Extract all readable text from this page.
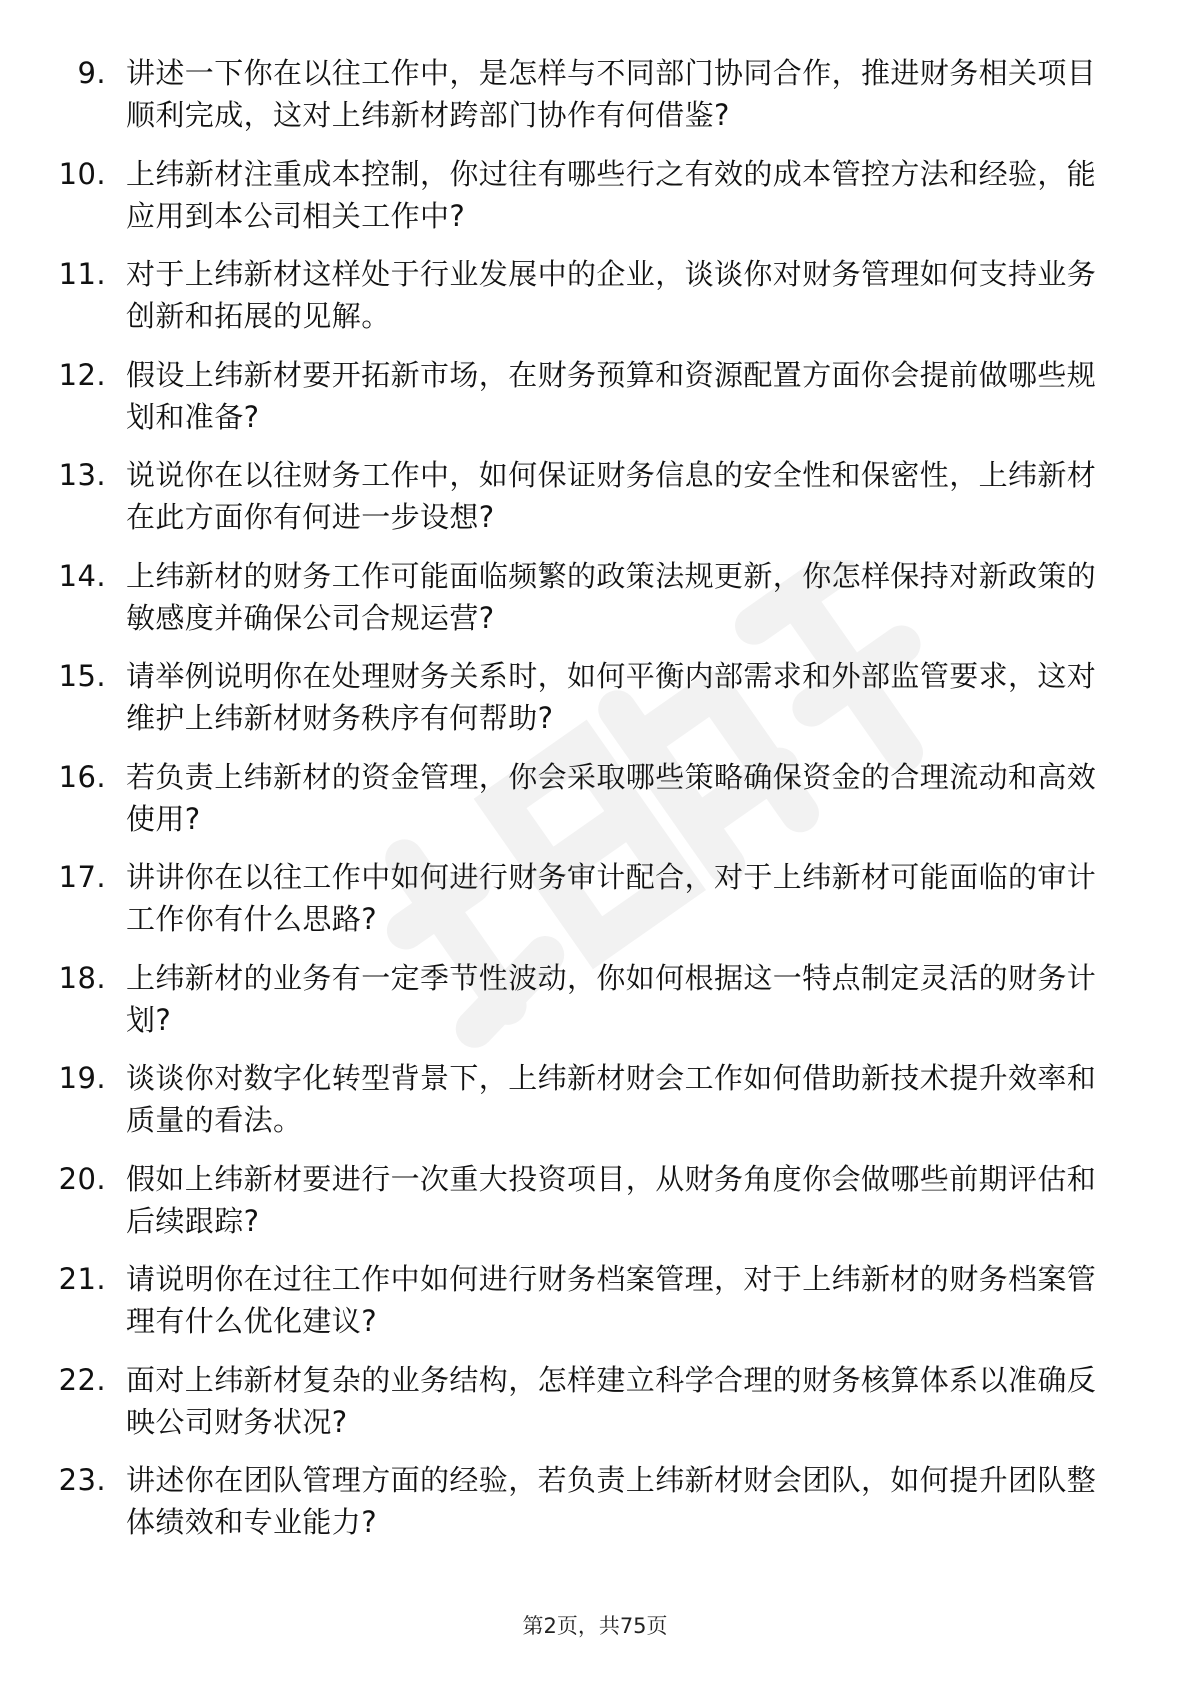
9. 讲述一下你在以往工作中，是怎样与不同部门协同合作，推进财务相关项目顺利完成，这对上纬新材跨部门协作有何借鉴?
10. 上纬新材注重成本控制，你过往有哪些行之有效的成本管控方法和经验，能应用到本公司相关工作中?
11. 对于上纬新材这样处于行业发展中的企业，谈谈你对财务管理如何支持业务创新和拓展的见解。
12. 假设上纬新材要开拓新市场，在财务预算和资源配置方面你会提前做哪些规划和准备?
13. 说说你在以往财务工作中，如何保证财务信息的安全性和保密性，上纬新材在此方面你有何进一步设想?
14. 上纬新材的财务工作可能面临频繁的政策法规更新，你怎样保持对新政策的敏感度并确保公司合规运营?
15. 请举例说明你在处理财务关系时，如何平衡内部需求和外部监管要求，这对维护上纬新材财务秩序有何帮助?
16. 若负责上纬新材的资金管理，你会采取哪些策略确保资金的合理流动和高效使用?
17. 讲讲你在以往工作中如何进行财务审计配合，对于上纬新材可能面临的审计工作你有什么思路?
18. 上纬新材的业务有一定季节性波动，你如何根据这一特点制定灵活的财务计划?
19. 谈谈你对数字化转型背景下，上纬新材财会工作如何借助新技术提升效率和质量的看法。
20. 假如上纬新材要进行一次重大投资项目，从财务角度你会做哪些前期评估和后续跟踪?
21. 请说明你在过往工作中如何进行财务档案管理，对于上纬新材的财务档案管理有什么优化建议?
22. 面对上纬新材复杂的业务结构，怎样建立科学合理的财务核算体系以准确反映公司财务状况?
23. 讲述你在团队管理方面的经验，若负责上纬新材财会团队，如何提升团队整体绩效和专业能力?
第2页，共75页
